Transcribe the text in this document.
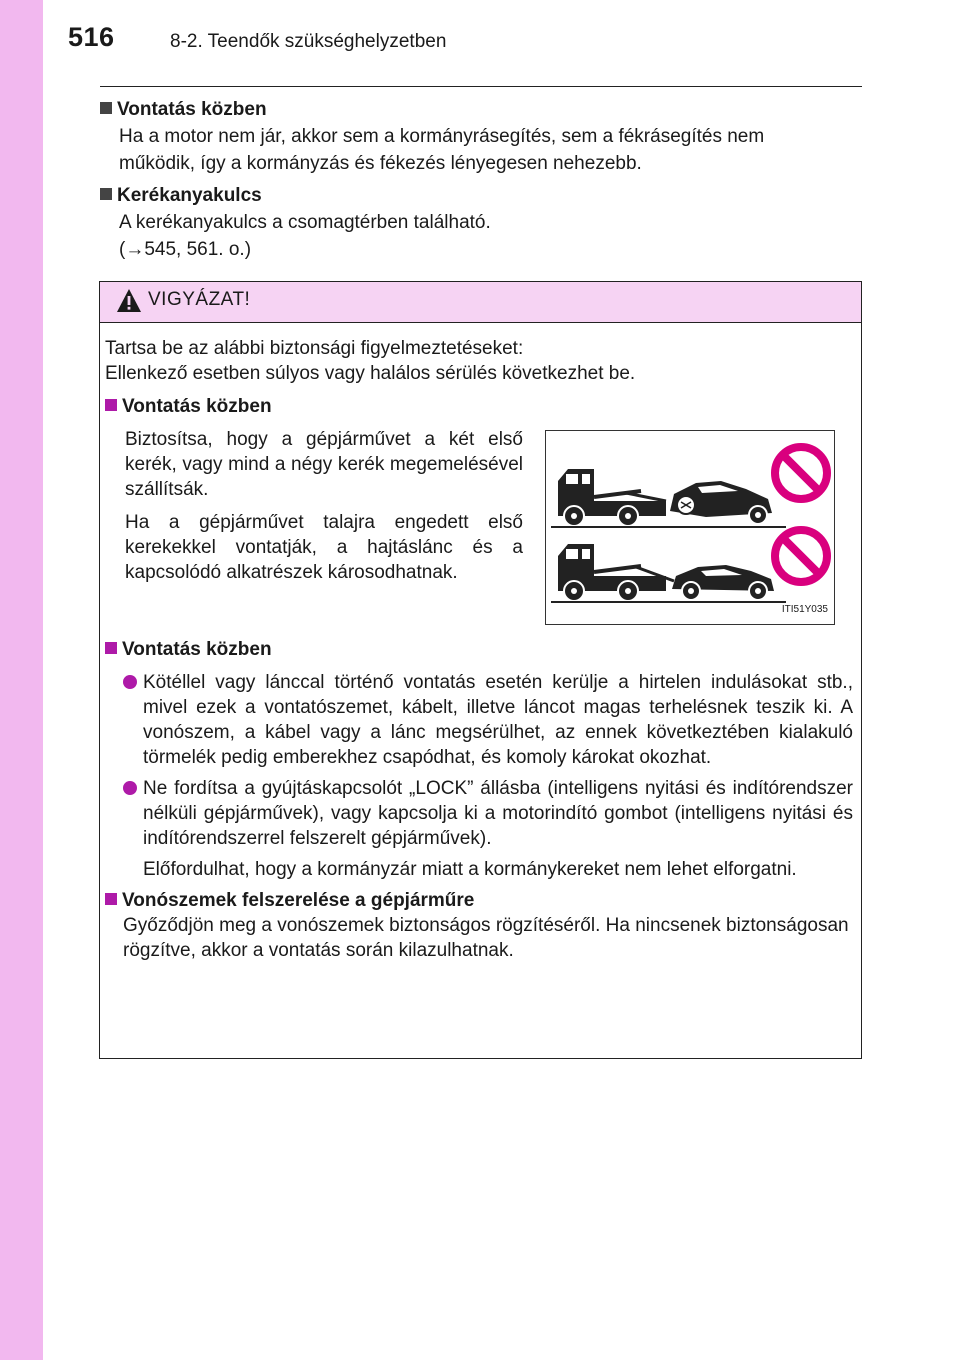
516	8-2. Teendők szükséghelyzetben
Vontatás közben
Ha a motor nem jár, akkor sem a kormányrásegítés, sem a fékrásegítés nem
működik, így a kormányzás és fékezés lényegesen nehezebb.
Kerékanyakulcs
A kerékanyakulcs a csomagtérben található.
(→545, 561. o.)
VIGYÁZAT!
Tartsa be az alábbi biztonsági figyelmeztetéseket:
Ellenkező esetben súlyos vagy halálos sérülés következhet be.
Vontatás közben

Biztosítsa, hogy a gépjárművet a két első kerék, vagy mind a négy kerék megemelésével szállítsák.

Ha a gépjárművet talajra engedett első kerekekkel vontatják, a hajtáslánc és a kapcsolódó alkatrészek károsodhatnak.

ITI51Y035
Vontatás közben
Kötéllel vagy lánccal történő vontatás esetén kerülje a hirtelen indulásokat stb., mivel ezek a vontatószemet, kábelt, illetve láncot magas terhelésnek teszik ki. A vonószem, a kábel vagy a lánc megsérülhet, az ennek következtében kialakuló törmelék pedig emberekhez csapódhat, és komoly károkat okozhat.
Ne fordítsa a gyújtáskapcsolót „LOCK” állásba (intelligens nyitási és indítórendszer nélküli gépjárművek), vagy kapcsolja ki a motorindító gombot (intelligens nyitási és indítórendszerrel felszerelt gépjárművek).
Előfordulhat, hogy a kormányzár miatt a kormánykereket nem lehet elforgatni.
Vonószemek felszerelése a gépjárműre
Győződjön meg a vonószemek biztonságos rögzítéséről. Ha nincsenek biztonságosan rögzítve, akkor a vontatás során kilazulhatnak.
